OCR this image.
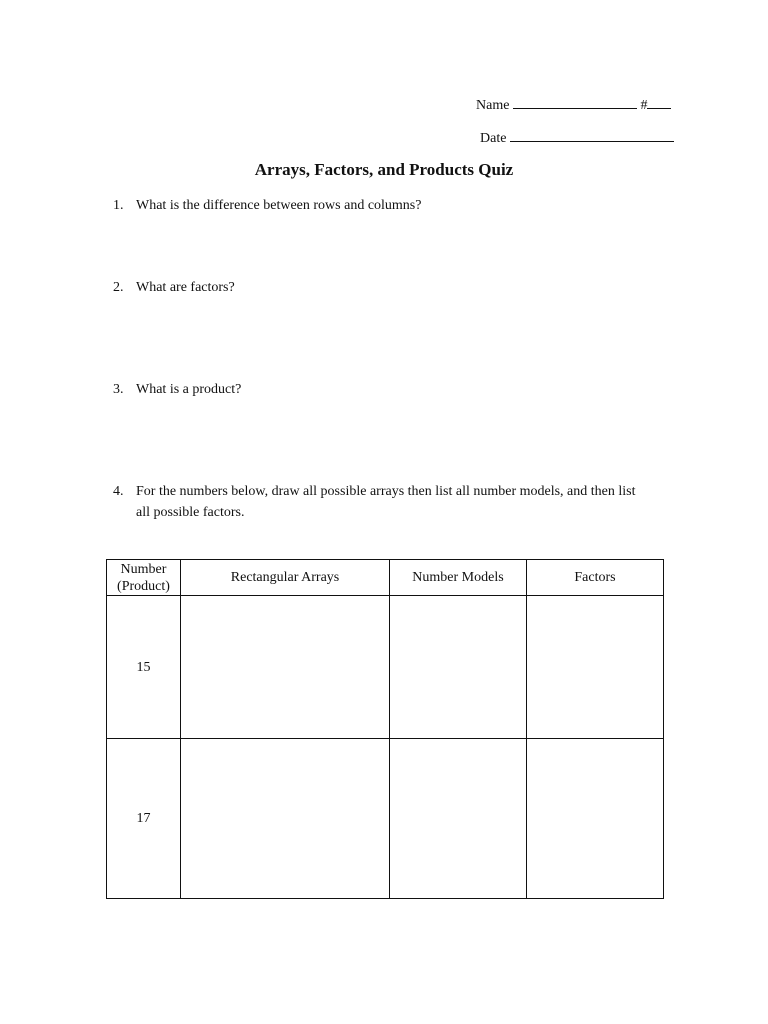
Name	#
Date
Arrays, Factors, and Products Quiz
1. What is the difference between rows and columns?
2. What are factors?
3. What is a product?
4. For the numbers below, draw all possible arrays then list all number models, and then list
all possible factors.
Number
(Product)	Rectangular Arrays	Number Models	Factors
15			
17			
